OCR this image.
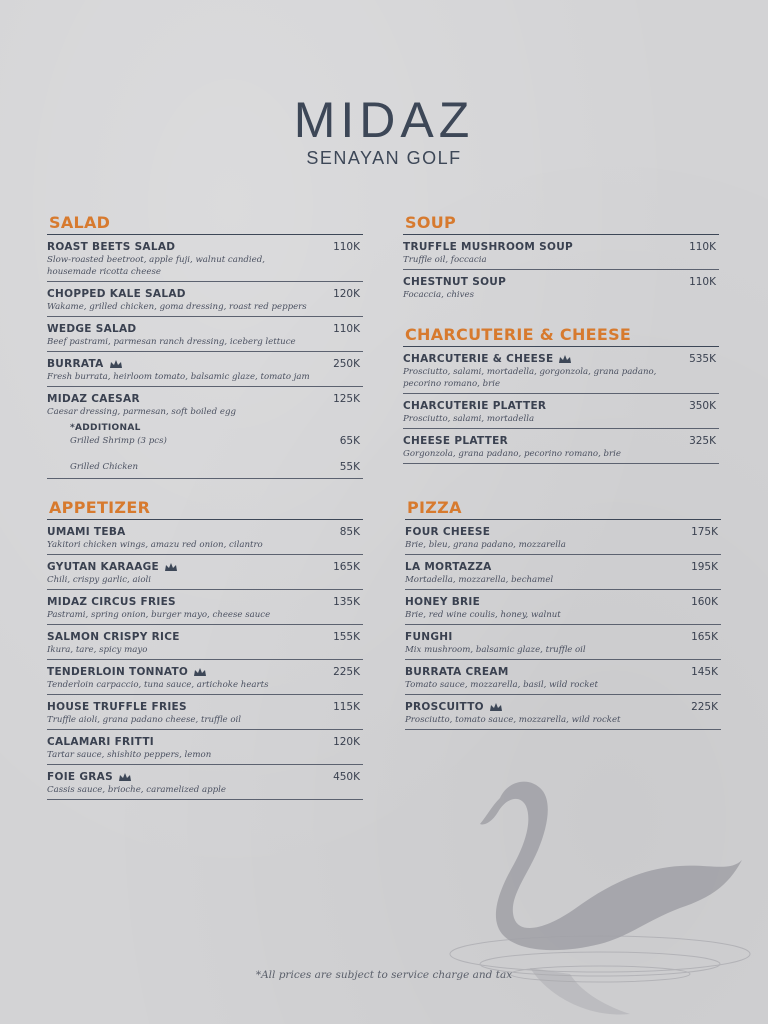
MIDAZ
SENAYAN GOLF
SALAD
ROAST BEETS SALAD
Slow-roasted beetroot, apple fuji, walnut candied, housemade ricotta cheese
110K
CHOPPED KALE SALAD
Wakame, grilled chicken, goma dressing, roast red peppers
120K
WEDGE SALAD
Beef pastrami, parmesan ranch dressing, iceberg lettuce
110K
BURRATA
Fresh burrata, heirloom tomato, balsamic glaze, tomato jam
250K
MIDAZ CAESAR
Caesar dressing, parmesan, soft boiled egg
125K
*ADDITIONAL
Grilled Shrimp (3 pcs)	65K
Grilled Chicken	55K
SOUP
TRUFFLE MUSHROOM SOUP
Truffle oil, foccacia
110K
CHESTNUT SOUP
Focaccia, chives
110K
CHARCUTERIE & CHEESE
CHARCUTERIE & CHEESE
Prosciutto, salami, mortadella, gorgonzola, grana padano, pecorino romano, brie
535K
CHARCUTERIE PLATTER
Prosciutto, salami, mortadella
350K
CHEESE PLATTER
Gorgonzola, grana padano, pecorino romano, brie
325K
APPETIZER
UMAMI TEBA
Yakitori chicken wings, amazu red onion, cilantro
85K
GYUTAN KARAAGE
Chili, crispy garlic, aioli
165K
MIDAZ CIRCUS FRIES
Pastrami, spring onion, burger mayo, cheese sauce
135K
SALMON CRISPY RICE
Ikura, tare, spicy mayo
155K
TENDERLOIN TONNATO
Tenderloin carpaccio, tuna sauce, artichoke hearts
225K
HOUSE TRUFFLE FRIES
Truffle aioli, grana padano cheese, truffle oil
115K
CALAMARI FRITTI
Tartar sauce, shishito peppers, lemon
120K
FOIE GRAS
Cassis sauce, brioche, caramelized apple
450K
PIZZA
FOUR CHEESE
Brie, bleu, grana padano, mozzarella
175K
LA MORTAZZA
Mortadella, mozzarella, bechamel
195K
HONEY BRIE
Brie, red wine coulis, honey, walnut
160K
FUNGHI
Mix mushroom, balsamic glaze, truffle oil
165K
BURRATA CREAM
Tomato sauce, mozzarella, basil, wild rocket
145K
PROSCUITTO
Prosciutto, tomato sauce, mozzarella, wild rocket
225K
*All prices are subject to service charge and tax
